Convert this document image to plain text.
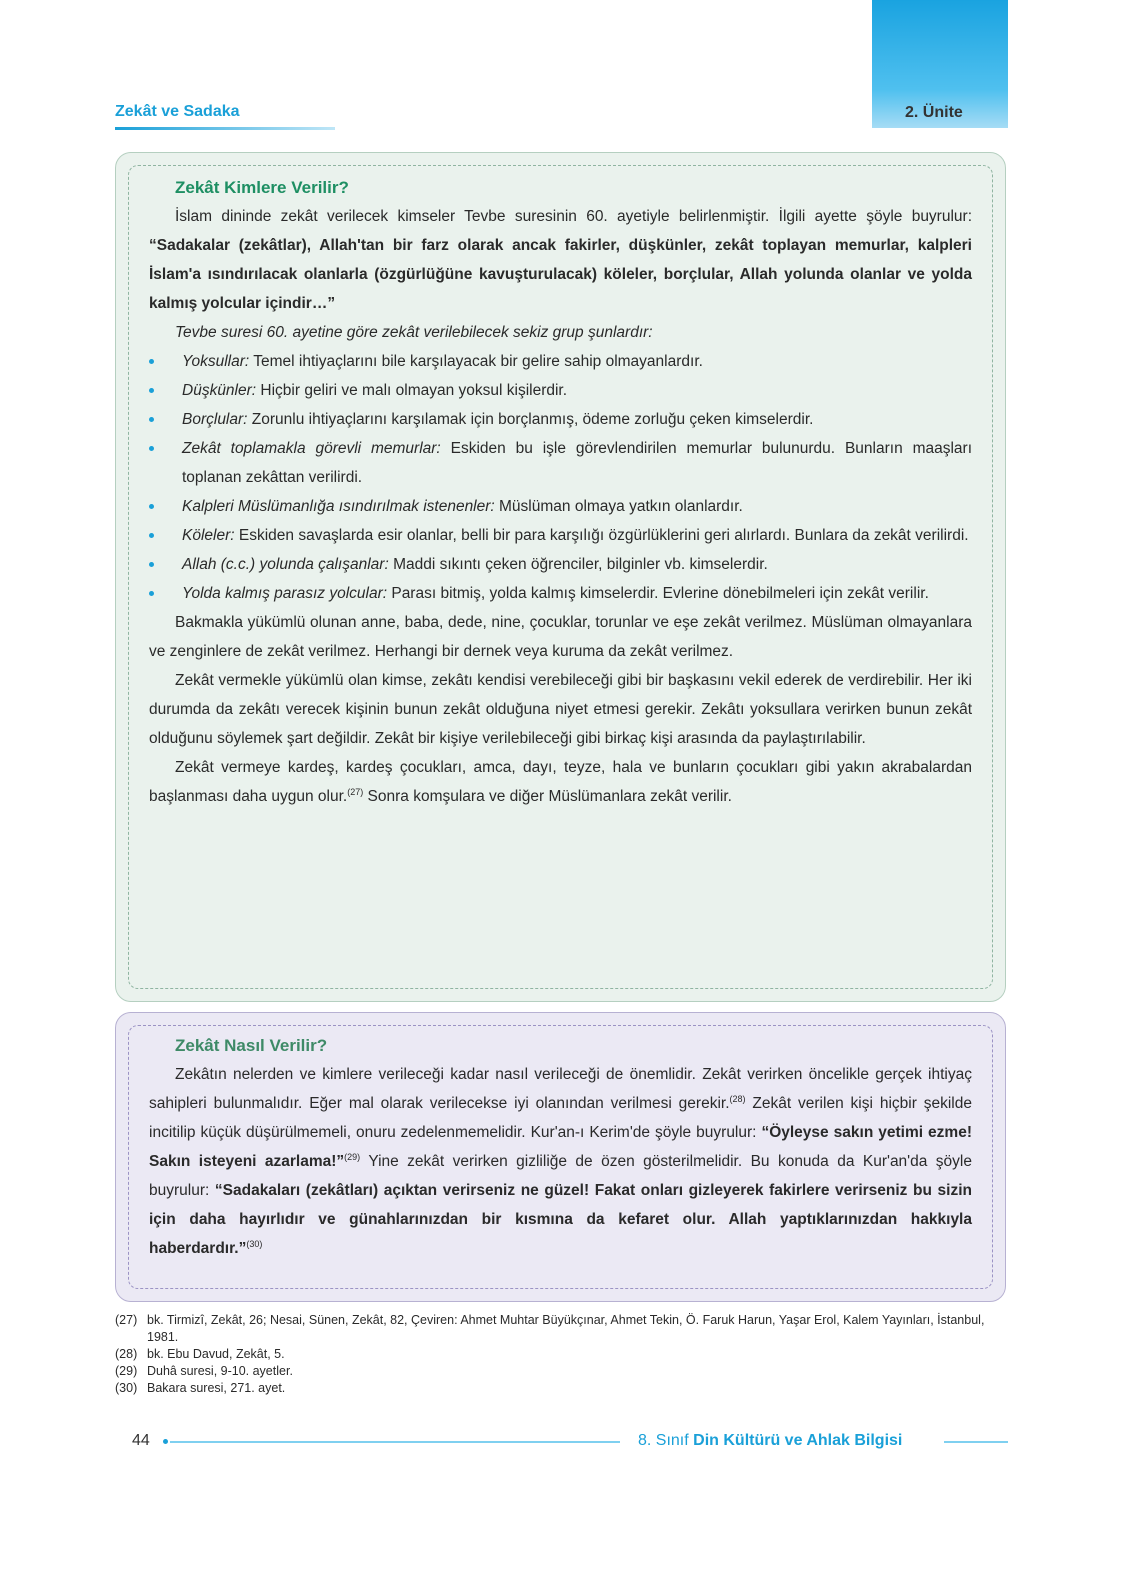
Zekât ve Sadaka	2. Ünite
Zekât Kimlere Verilir?

İslam dininde zekât verilecek kimseler Tevbe suresinin 60. ayetiyle belirlenmiştir. İlgili ayette şöyle buyrulur: “Sadakalar (zekâtlar), Allah'tan bir farz olarak ancak fakirler, düşkünler, zekât toplayan memurlar, kalpleri İslam'a ısındırılacak olanlarla (özgürlüğüne kavuşturulacak) köleler, borçlular, Allah yolunda olanlar ve yolda kalmış yolcular içindir…”

Tevbe suresi 60. ayetine göre zekât verilebilecek sekiz grup şunlardır:

Yoksullar: Temel ihtiyaçlarını bile karşılayacak bir gelire sahip olmayanlardır.
Düşkünler: Hiçbir geliri ve malı olmayan yoksul kişilerdir.
Borçlular: Zorunlu ihtiyaçlarını karşılamak için borçlanmış, ödeme zorluğu çeken kimselerdir.
Zekât toplamakla görevli memurlar: Eskiden bu işle görevlendirilen memurlar bulunurdu. Bunların maaşları toplanan zekâttan verilirdi.
Kalpleri Müslümanlığa ısındırılmak istenenler: Müslüman olmaya yatkın olanlardır.
Köleler: Eskiden savaşlarda esir olanlar, belli bir para karşılığı özgürlüklerini geri alırlardı. Bunlara da zekât verilirdi.
Allah (c.c.) yolunda çalışanlar: Maddi sıkıntı çeken öğrenciler, bilginler vb. kimselerdir.
Yolda kalmış parasız yolcular: Parası bitmiş, yolda kalmış kimselerdir. Evlerine dönebilmeleri için zekât verilir.

Bakmakla yükümlü olunan anne, baba, dede, nine, çocuklar, torunlar ve eşe zekât verilmez. Müslüman olmayanlara ve zenginlere de zekât verilmez. Herhangi bir dernek veya kuruma da zekât verilmez.

Zekât vermekle yükümlü olan kimse, zekâtı kendisi verebileceği gibi bir başkasını vekil ederek de verdirebilir. Her iki durumda da zekâtı verecek kişinin bunun zekât olduğuna niyet etmesi gerekir. Zekâtı yoksullara verirken bunun zekât olduğunu söylemek şart değildir. Zekât bir kişiye verilebileceği gibi birkaç kişi arasında da paylaştırılabilir.

Zekât vermeye kardeş, kardeş çocukları, amca, dayı, teyze, hala ve bunların çocukları gibi yakın akrabalardan başlanması daha uygun olur.$^{(27)}$ Sonra komşulara ve diğer Müslümanlara zekât verilir.

Zekât Nasıl Verilir?

Zekâtın nelerden ve kimlere verileceği kadar nasıl verileceği de önemlidir. Zekât verirken öncelikle gerçek ihtiyaç sahipleri bulunmalıdır. Eğer mal olarak verilecekse iyi olanından verilmesi gerekir.$^{(28)}$ Zekât verilen kişi hiçbir şekilde incitilip küçük düşürülmemeli, onuru zedelenmemelidir. Kur'an-ı Kerim'de şöyle buyrulur: “Öyleyse sakın yetimi ezme! Sakın isteyeni azarlama!”$^{(29)}$ Yine zekât verirken gizliliğe de özen gösterilmelidir. Bu konuda da Kur'an'da şöyle buyrulur: “Sadakaları (zekâtları) açıktan verirseniz ne güzel! Fakat onları gizleyerek fakirlere verirseniz bu sizin için daha hayırlıdır ve günahlarınızdan bir kısmına da kefaret olur. Allah yaptıklarınızdan hakkıyla haberdardır.”$^{(30)}$

(27) bk. Tirmizî, Zekât, 26; Nesai, Sünen, Zekât, 82, Çeviren: Ahmet Muhtar Büyükçınar, Ahmet Tekin, Ö. Faruk Harun, Yaşar Erol, Kalem Yayınları, İstanbul, 1981.
(28) bk. Ebu Davud, Zekât, 5.
(29) Duhâ suresi, 9-10. ayetler.
(30) Bakara suresi, 271. ayet.
44	8. Sınıf Din Kültürü ve Ahlak Bilgisi
